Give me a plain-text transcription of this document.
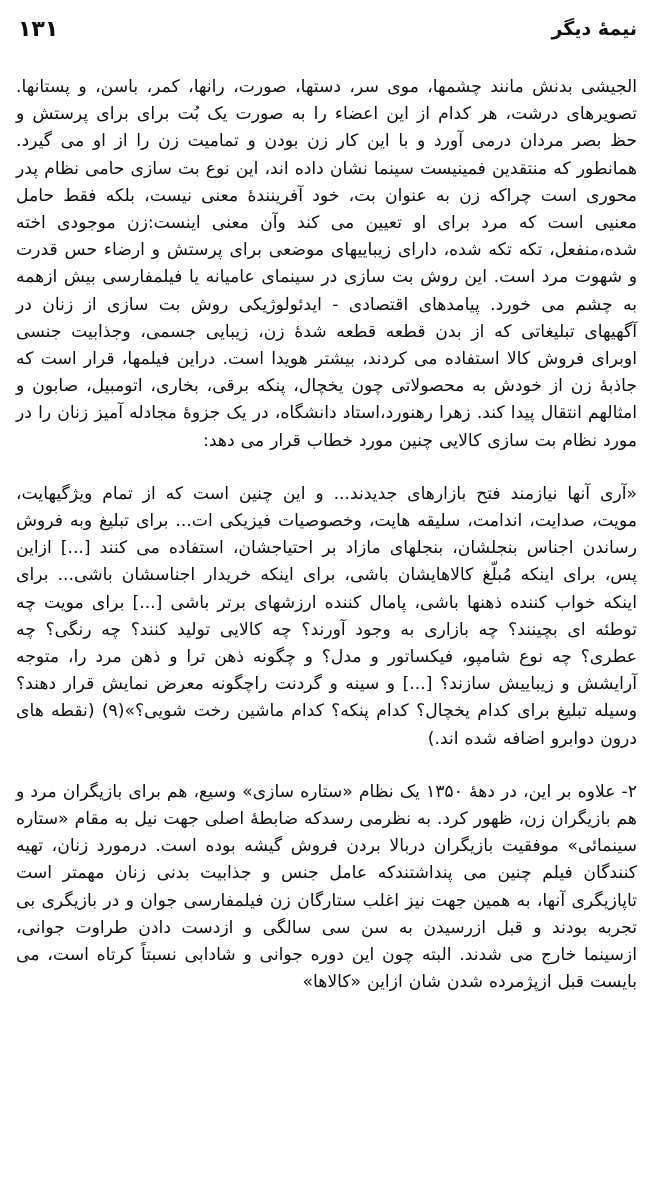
نیمهٔ دیگر
۱۳۱

الجیشی بدنش مانند چشمها، موی سر، دستها، صورت، رانها، کمر، باسن، و پستانها. تصویرهای درشت، هر کدام از این اعضاء را به صورت یک بُت برای برای پرستش و حظ بصر مردان درمی آورد و با این کار زن بودن و تمامیت زن را از او می گیرد. همانطور که منتقدین فمینیست سینما نشان داده اند، این نوع بت سازی حامی نظام پدر محوری است چراکه زن به عنوان بت، خود آفرینندهٔ معنی نیست، بلکه فقط حامل معنیی است که مرد برای او تعیین می کند وآن معنی اینست:زن موجودی اخته شده،منفعل، تکه تکه شده، دارای زیباییهای موضعی برای پرستش و ارضاء حس قدرت و شهوت مرد است. این روش بت سازی در سینمای عامیانه یا فیلمفارسی بیش ازهمه به چشم می خورد. پیامدهای اقتصادی - ایدئولوژیکی روش بت سازی از زنان در آگهیهای تبلیغاتی که از بدن قطعه قطعه شدهٔ زن، زیبایی جسمی، وجذابیت جنسی اوبرای فروش کالا استفاده می کردند، بیشتر هویدا است. دراین فیلمها، قرار است که جاذبهٔ زن از خودش به محصولاتی چون یخچال، پنکه برقی، بخاری، اتومبیل، صابون و امثالهم انتقال پیدا کند. زهرا رهنورد،استاد دانشگاه، در یک جزوهٔ مجادله آمیز زنان را در مورد نظام بت سازی کالایی چنین مورد خطاب قرار می دهد:

«آری آنها نیازمند فتح بازارهای جدیدند... و این چنین است که از تمام ویژگیهایت، مویت، صدایت، اندامت، سلیقه هایت، وخصوصیات فیزیکی ات... برای تبلیغ وبه فروش رساندن اجناس بنجلشان، بنجلهای مازاد بر احتیاجشان، استفاده می کنند [...] ازاین پس، برای اینکه مُبلّغ کالاهایشان باشی، برای اینکه خریدار اجناسشان باشی... برای اینکه خواب کننده ذهنها باشی، پامال کننده ارزشهای برتر باشی [...] برای مویت چه توطئه ای بچینند؟ چه بازاری به وجود آورند؟ چه کالایی تولید کنند؟ چه رنگی؟ چه عطری؟ چه نوع شامپو، فیکساتور و مدل؟ و چگونه ذهن ترا و ذهن مرد را، متوجه آرایشش و زیباییش سازند؟ [...] و سینه و گردنت راچگونه معرض نمایش قرار دهند؟ وسیله تبلیغ برای کدام یخچال؟ کدام پنکه؟ کدام ماشین رخت شویی؟»(۹) (نقطه های درون دوابرو اضافه شده اند.)

۲- علاوه بر این، در دههٔ ۱۳۵۰ یک نظام «ستاره سازی» وسیع، هم برای بازیگران مرد و هم بازیگران زن، ظهور کرد. به نظرمی رسدکه ضابطهٔ اصلی جهت نیل به مقام «ستاره سینمائی» موفقیت بازیگران دربالا بردن فروش گیشه بوده است. درمورد زنان، تهیه کنندگان فیلم چنین می پنداشتندکه عامل جنس و جذابیت بدنی زنان مهمتر است تاپازیگری آنها، به همین جهت نیز اغلب ستارگان زن فیلمفارسی جوان و در بازیگری بی تجربه بودند و قبل ازرسیدن به سن سی سالگی و ازدست دادن طراوت جوانی، ازسینما خارج می شدند. البته چون این دوره جوانی و شادابی نسبتاً کرتاه است، می بایست قبل ازپژمرده شدن شان ازاین «کالاها»
